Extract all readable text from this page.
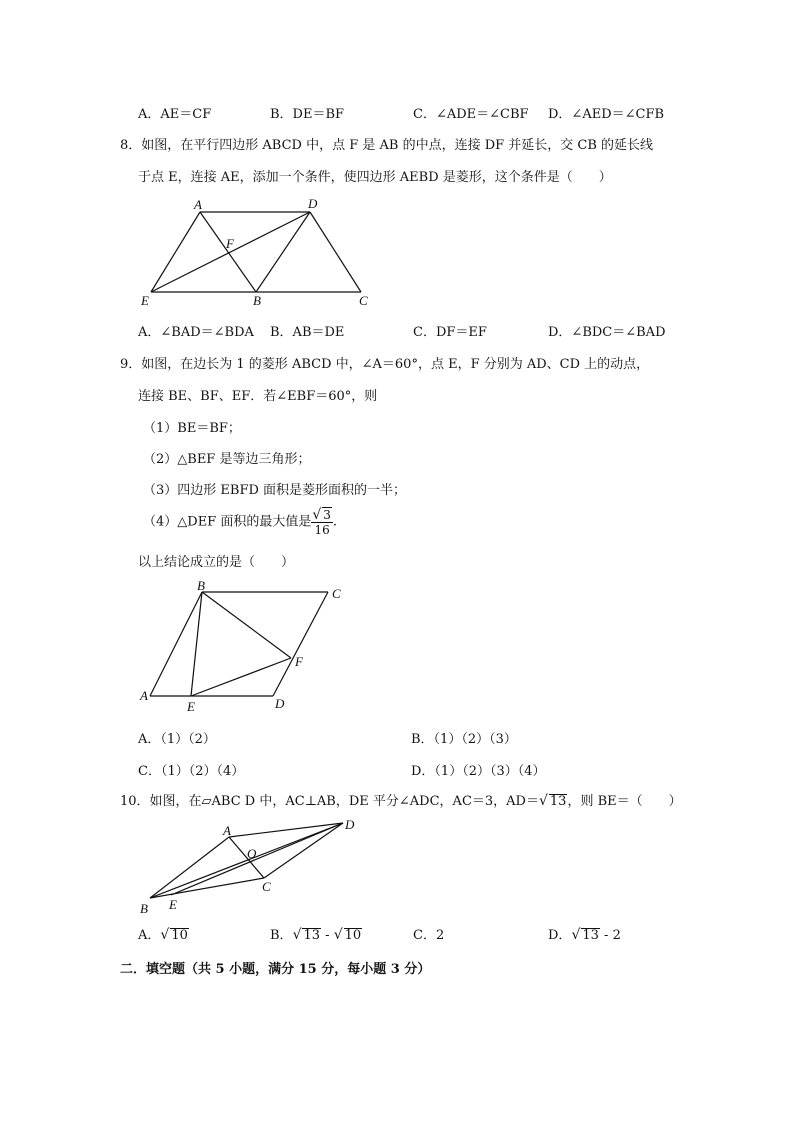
A．AE＝CF	B．DE＝BF	C．∠ADE＝∠CBF D．∠AED＝∠CFB
8．如图，在平行四边形 ABCD 中，点 F 是 AB 的中点，连接 DF 并延长，交 CB 的延长线
于点 E，连接 AE，添加一个条件，使四边形 AEBD 是菱形，这个条件是（　　）
A	D
F
E	B	C
A．∠BAD＝∠BDA B．AB＝DE	C．DF＝EF	D．∠BDC＝∠BAD
9．如图，在边长为 1 的菱形 ABCD 中，∠A＝60°，点 E，F 分别为 AD、CD 上的动点，
连接 BE、BF、EF．若∠EBF＝60°，则
（1）BE＝BF；
（2）△BEF 是等边三角形；
（3）四边形 EBFD 面积是菱形面积的一半；
（4）△DEF 面积的最大值是 $\frac{√ 3}{16}$ .
以上结论成立的是（　　）
B
C
F
A
E	D
A．（1）（2）	B．（1）（2）（3）
C．（1）（2）（4）	D．（1）（2）（3）（4）
10．如图，在▱ABC D 中，AC⊥AB，DE 平分∠ADC，AC＝3，AD＝√ 13，则 BE＝（　　）
A	D
O
C
B E
A．√ 10	B．√ 13 - √ 10	C．2	D．√ 13 - 2
二．填空题（共 5 小题，满分 15 分，每小题 3 分）
